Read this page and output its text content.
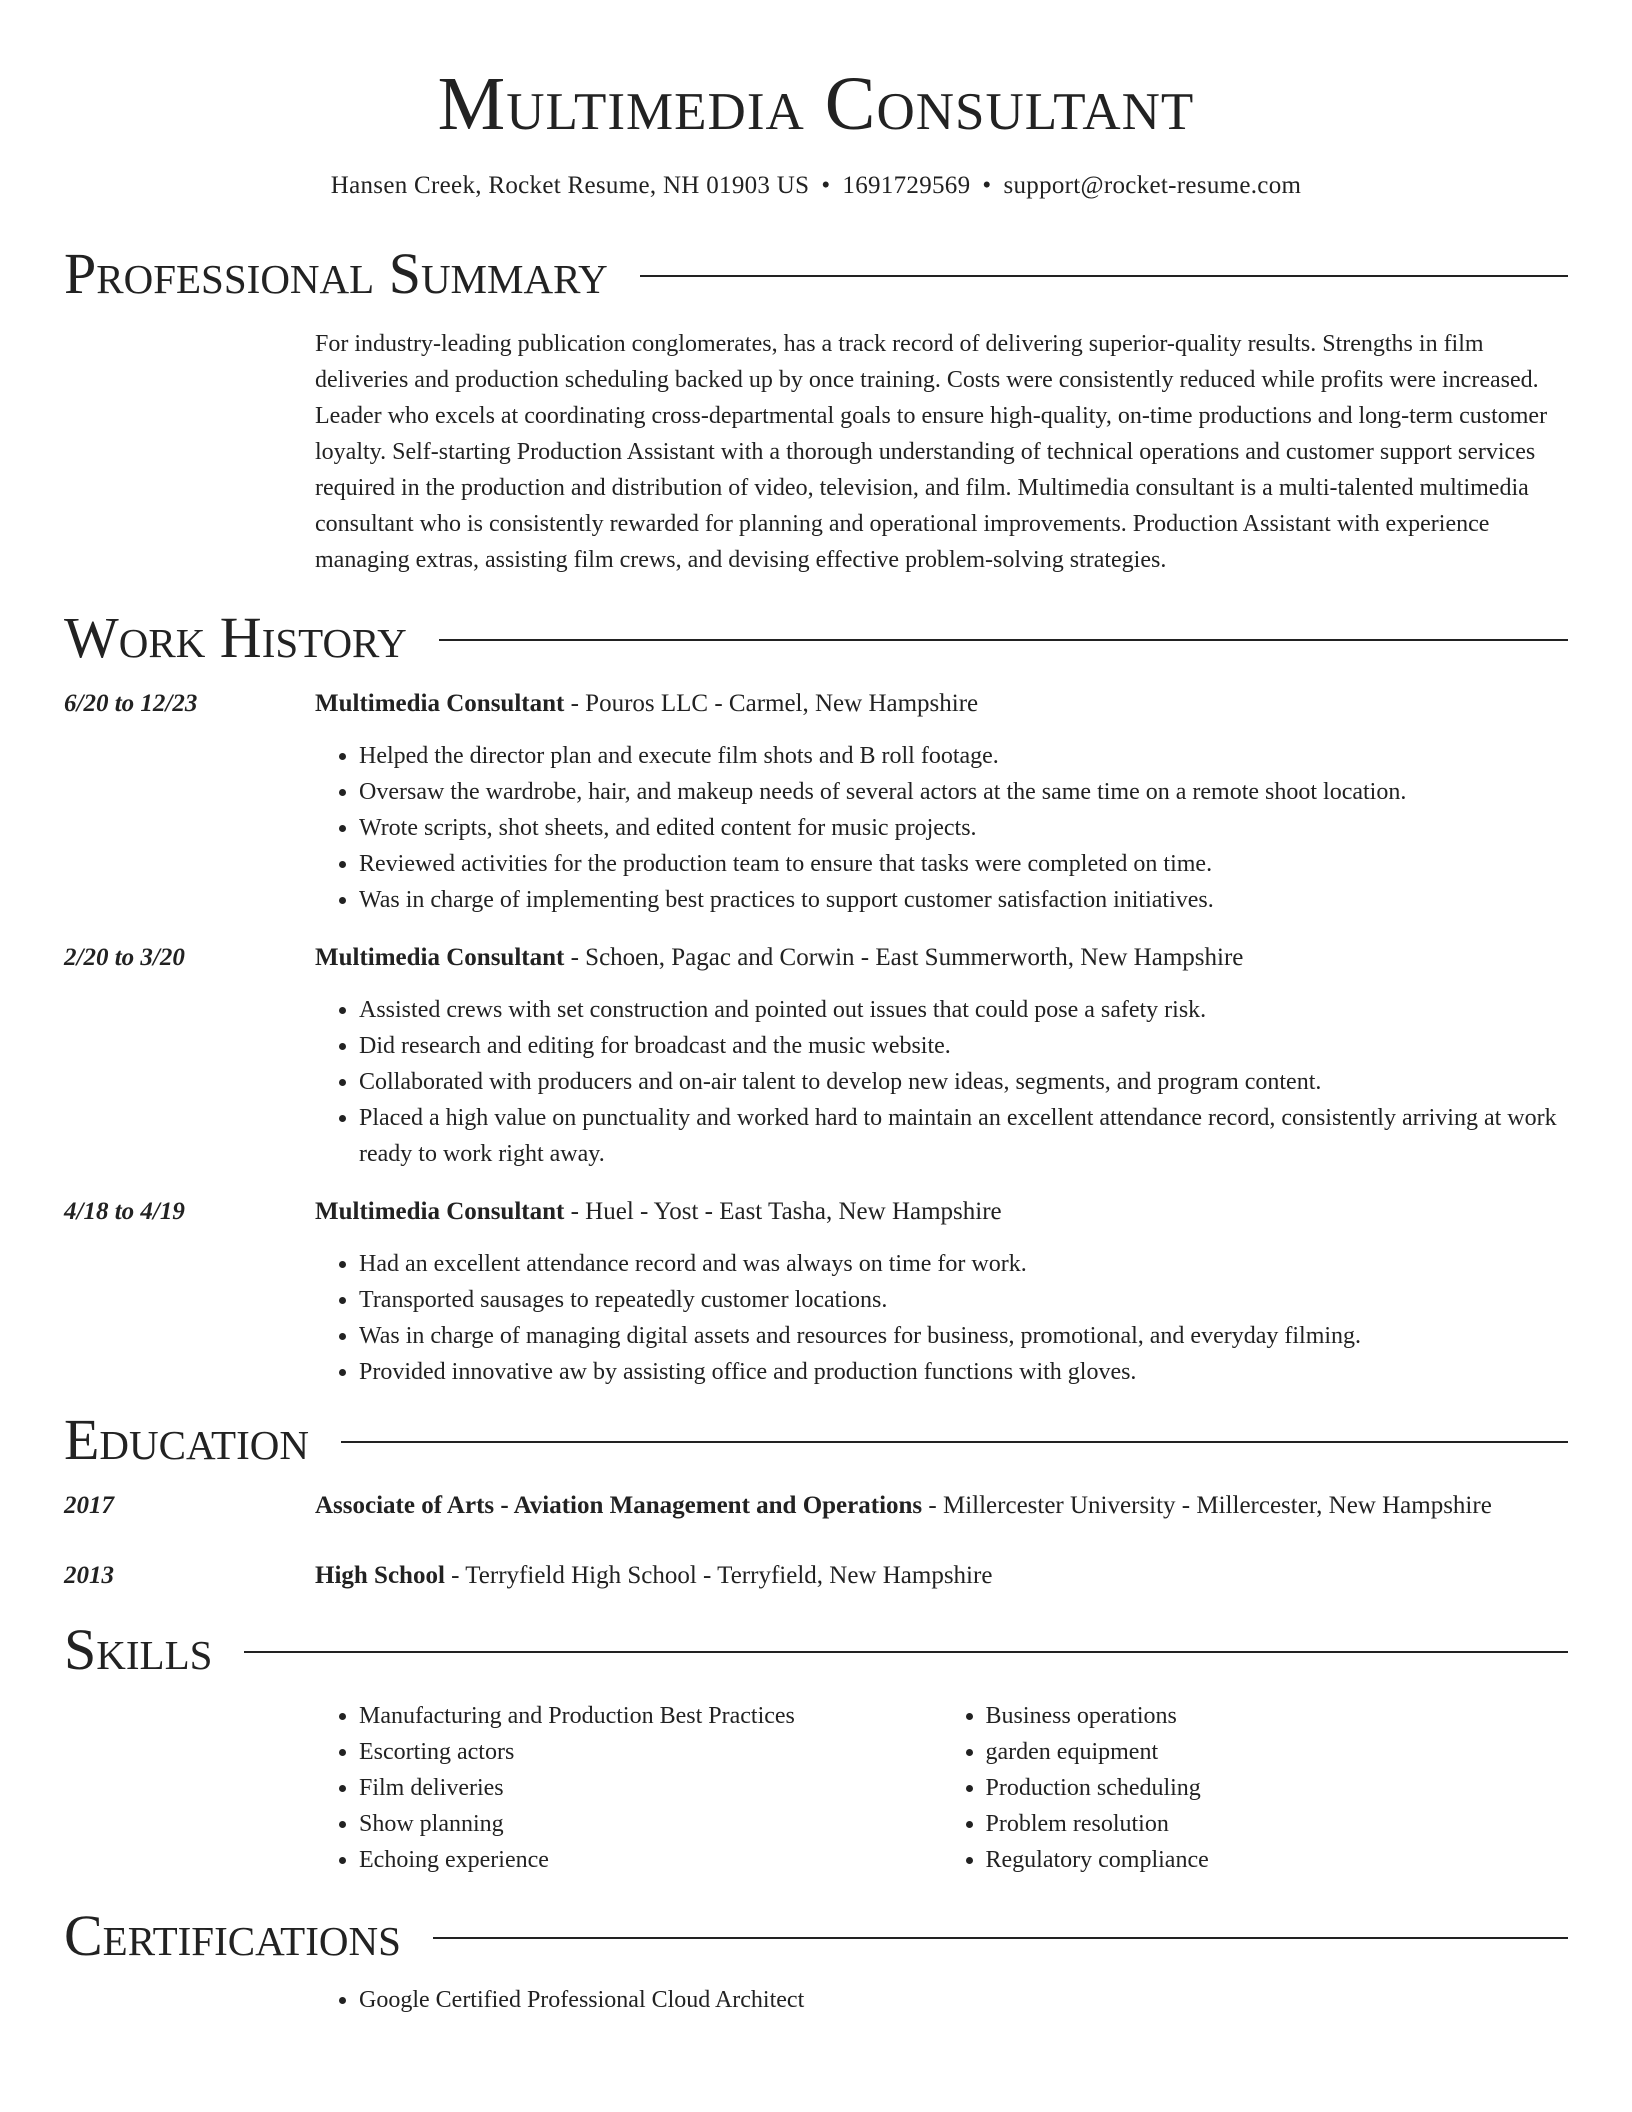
Multimedia Consultant
Hansen Creek, Rocket Resume, NH 01903 US • 1691729569 • support@rocket-resume.com
Professional Summary
For industry-leading publication conglomerates, has a track record of delivering superior-quality results. Strengths in film deliveries and production scheduling backed up by once training. Costs were consistently reduced while profits were increased. Leader who excels at coordinating cross-departmental goals to ensure high-quality, on-time productions and long-term customer loyalty. Self-starting Production Assistant with a thorough understanding of technical operations and customer support services required in the production and distribution of video, television, and film. Multimedia consultant is a multi-talented multimedia consultant who is consistently rewarded for planning and operational improvements. Production Assistant with experience managing extras, assisting film crews, and devising effective problem-solving strategies.
Work History
6/20 to 12/23	Multimedia Consultant - Pouros LLC - Carmel, New Hampshire
• Helped the director plan and execute film shots and B roll footage.
• Oversaw the wardrobe, hair, and makeup needs of several actors at the same time on a remote shoot location.
• Wrote scripts, shot sheets, and edited content for music projects.
• Reviewed activities for the production team to ensure that tasks were completed on time.
• Was in charge of implementing best practices to support customer satisfaction initiatives.
2/20 to 3/20	Multimedia Consultant - Schoen, Pagac and Corwin - East Summerworth, New Hampshire
• Assisted crews with set construction and pointed out issues that could pose a safety risk.
• Did research and editing for broadcast and the music website.
• Collaborated with producers and on-air talent to develop new ideas, segments, and program content.
• Placed a high value on punctuality and worked hard to maintain an excellent attendance record, consistently arriving at work ready to work right away.
4/18 to 4/19	Multimedia Consultant - Huel - Yost - East Tasha, New Hampshire
• Had an excellent attendance record and was always on time for work.
• Transported sausages to repeatedly customer locations.
• Was in charge of managing digital assets and resources for business, promotional, and everyday filming.
• Provided innovative aw by assisting office and production functions with gloves.
Education
2017	Associate of Arts - Aviation Management and Operations - Millercester University - Millercester, New Hampshire
2013	High School - Terryfield High School - Terryfield, New Hampshire
Skills
• Manufacturing and Production Best Practices
• Escorting actors
• Film deliveries
• Show planning
• Echoing experience
• Business operations
• garden equipment
• Production scheduling
• Problem resolution
• Regulatory compliance
Certifications
• Google Certified Professional Cloud Architect
